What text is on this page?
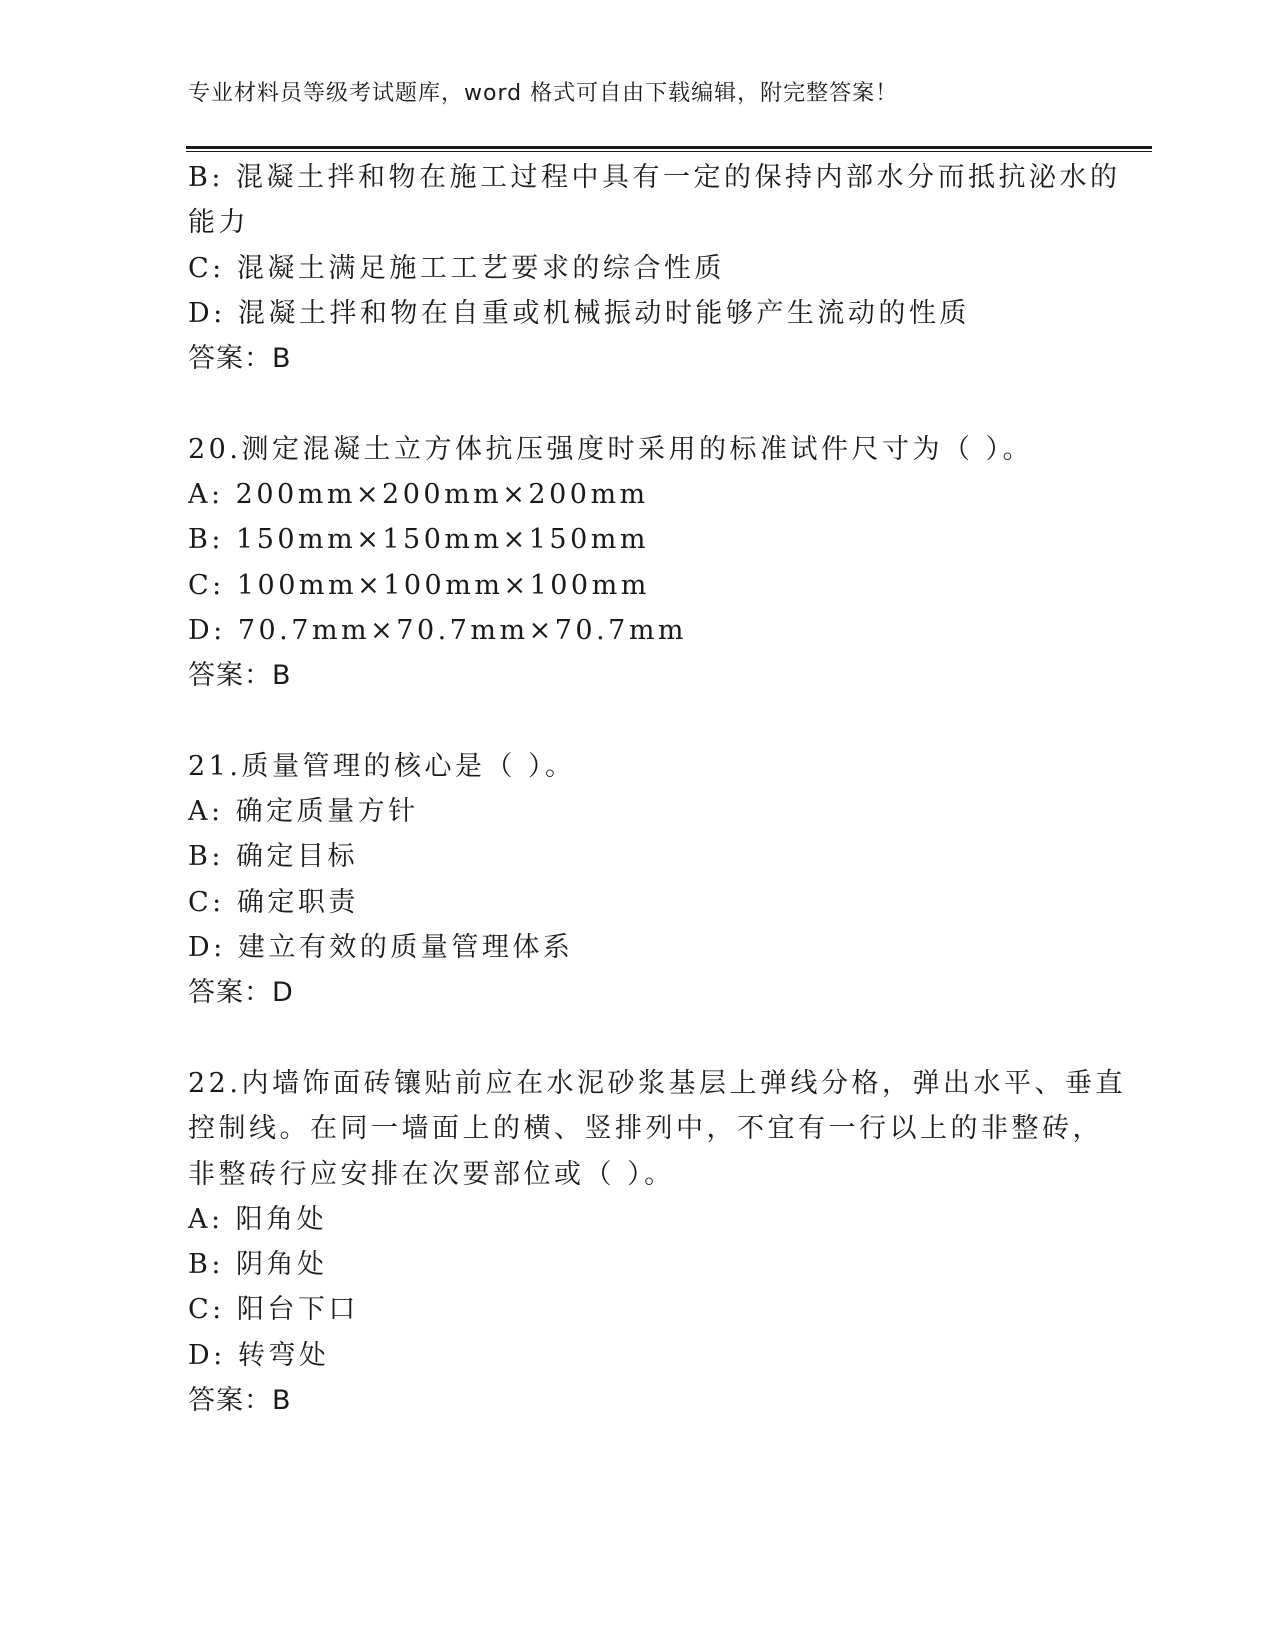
专业材料员等级考试题库，word 格式可自由下载编辑，附完整答案！
B: 混凝土拌和物在施工过程中具有一定的保持内部水分而抵抗泌水的
能力
C: 混凝土满足施工工艺要求的综合性质
D: 混凝土拌和物在自重或机械振动时能够产生流动的性质
答案：B
20.测定混凝土立方体抗压强度时采用的标准试件尺寸为（ ）。
A: 200mm×200mm×200mm
B: 150mm×150mm×150mm
C: 100mm×100mm×100mm
D: 70.7mm×70.7mm×70.7mm
答案：B
21.质量管理的核心是（ ）。
A: 确定质量方针
B: 确定目标
C: 确定职责
D: 建立有效的质量管理体系
答案：D
22.内墙饰面砖镶贴前应在水泥砂浆基层上弹线分格，弹出水平、垂直
控制线。在同一墙面上的横、竖排列中，不宜有一行以上的非整砖，
非整砖行应安排在次要部位或（ ）。
A: 阳角处
B: 阴角处
C: 阳台下口
D: 转弯处
答案：B
